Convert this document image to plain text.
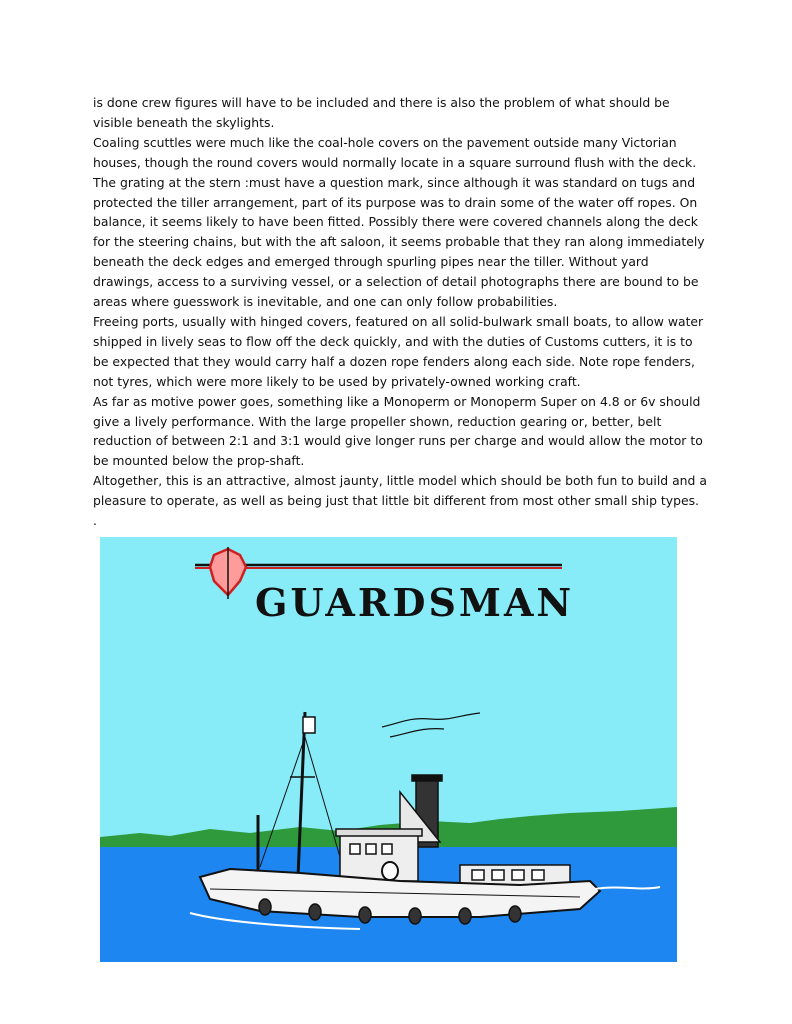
is done crew figures will have to be included and there is also the problem of what should be visible beneath the skylights.

Coaling scuttles were much like the coal-hole covers on the pavement outside many Victorian houses, though the round covers would normally locate in a square surround flush with the deck. The grating at the stern :must have a question mark, since although it was standard on tugs and protected the tiller arrangement, part of its purpose was to drain some of the water off ropes. On balance, it seems likely to have been fitted. Possibly there were covered channels along the deck for the steering chains, but with the aft saloon, it seems probable that they ran along immediately beneath the deck edges and emerged through spurling pipes near the tiller. Without yard drawings, access to a surviving vessel, or a selection of detail photographs there are bound to be areas where guesswork is inevitable, and one can only follow probabilities.

Freeing ports, usually with hinged covers, featured on all solid-bulwark small boats, to allow water shipped in lively seas to flow off the deck quickly, and with the duties of Customs cutters, it is to be expected that they would carry half a dozen rope fenders along each side. Note rope fenders, not tyres, which were more likely to be used by privately-owned working craft.

As far as motive power goes, something like a Monoperm or Monoperm Super on 4.8 or 6v should give a lively performance. With the large propeller shown, reduction gearing or, better, belt reduction of between 2:1 and 3:1 would give longer runs per charge and would allow the motor to be mounted below the prop-shaft.

Altogether, this is an attractive, almost jaunty, little model which should be both fun to build and a pleasure to operate, as well as being just that little bit different from most other small ship types.

.

GUARDSMAN
